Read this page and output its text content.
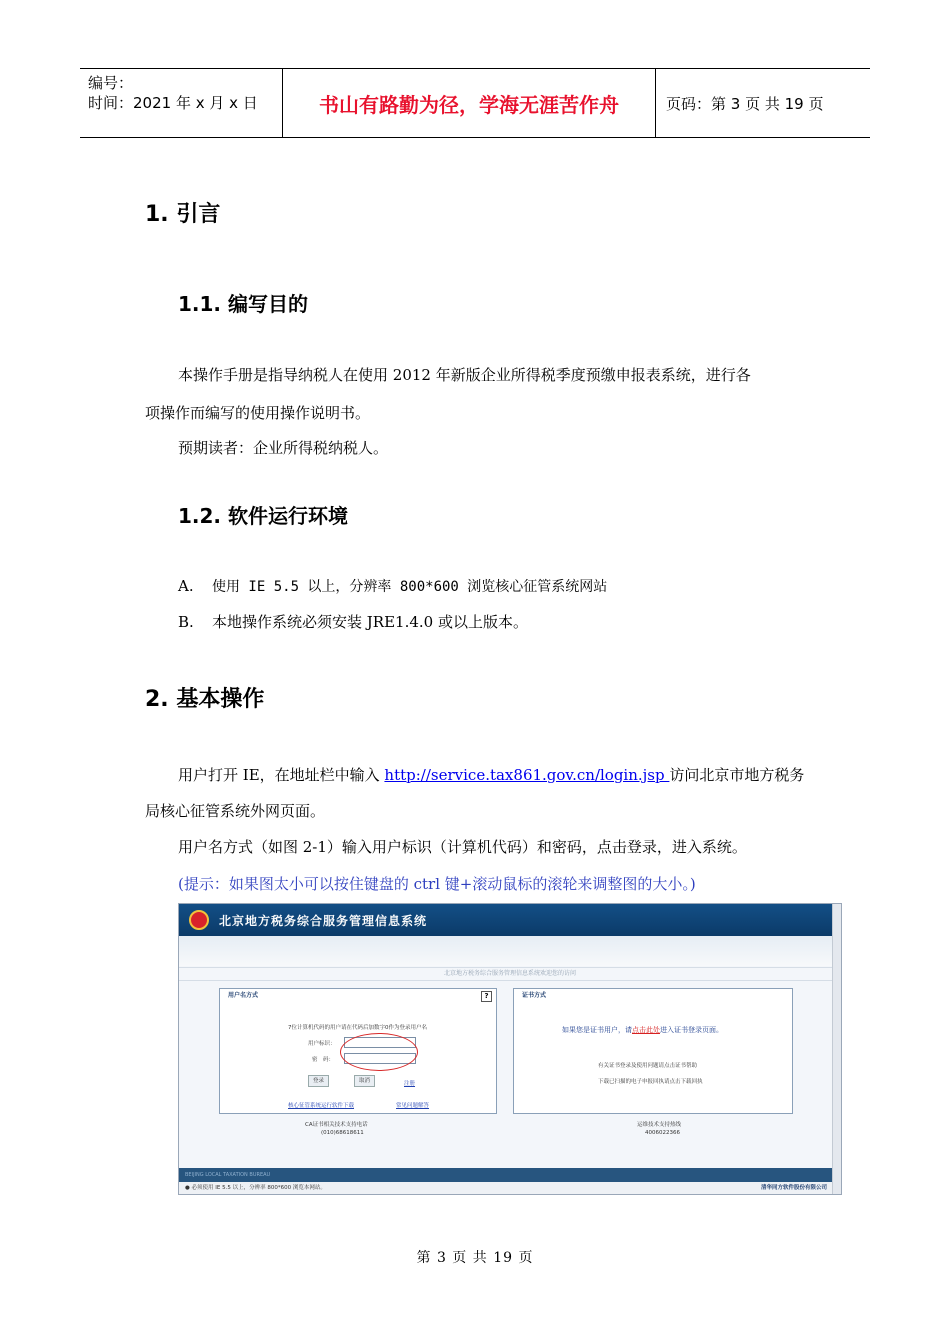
编号：
时间：2021 年 x 月 x 日	书山有路勤为径，学海无涯苦作舟	页码：第 3 页 共 19 页
1. 引言
1.1. 编写目的
本操作手册是指导纳税人在使用 2012 年新版企业所得税季度预缴申报表系统，进行各
项操作而编写的使用操作说明书。
预期读者：企业所得税纳税人。
1.2. 软件运行环境
A. 使用 IE 5.5 以上，分辨率 800*600 浏览核心征管系统网站
B. 本地操作系统必须安装 JRE1.4.0 或以上版本。
2. 基本操作
用户打开 IE，在地址栏中输入 http://service.tax861.gov.cn/login.jsp 访问北京市地方税务
局核心征管系统外网页面。
用户名方式（如图 2-1）输入用户标识（计算机代码）和密码，点击登录，进入系统。
(提示：如果图太小可以按住键盘的 ctrl 键+滚动鼠标的滚轮来调整图的大小。)
北京地方税务综合服务管理信息系统
北京地方税务综合服务管理信息系统欢迎您的访问
用户名方式	?
7位计算机代码的用户请在代码后加数字0作为登录用户名
用户标识：
密　码：
登录	取消	注册
核心征管系统运行软件下载	常见问题解答
证书方式
如果您是证书用户，请点击此处进入证书登录页面。
有关证书登录及使用问题请点击证书帮助
下载已扫描的电子申报回执请点击下载回执
CA证书相关技术支持电话
(010)68618611
运维技术支持热线
4006022366
BEIJING LOCAL TAXATION BUREAU
● 必须使用 IE 5.5 以上，分辨率 800*600 浏览本网站。	清华同方软件股份有限公司
第 3 页 共 19 页
